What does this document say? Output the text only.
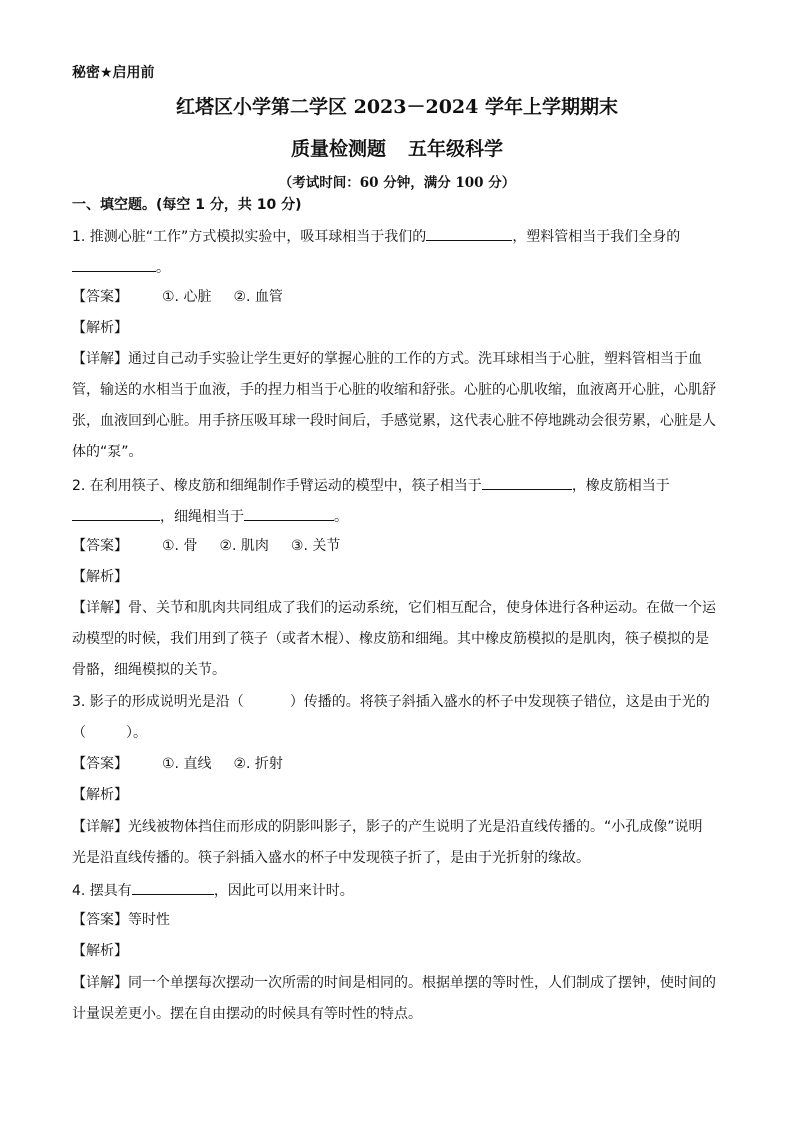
秘密★启用前
红塔区小学第二学区 2023－2024 学年上学期期末
质量检测题 五年级科学
（考试时间：60 分钟，满分 100 分）
一、填空题。(每空 1 分，共 10 分)
1. 推测心脏“工作”方式模拟实验中，吸耳球相当于我们的	，塑料管相当于我们全身的
。
【答案】 ①. 心脏 ②. 血管
【解析】
【详解】通过自己动手实验让学生更好的掌握心脏的工作的方式。洗耳球相当于心脏，塑料管相当于血
管，输送的水相当于血液，手的捏力相当于心脏的收缩和舒张。心脏的心肌收缩，血液离开心脏，心肌舒
张，血液回到心脏。用手挤压吸耳球一段时间后，手感觉累，这代表心脏不停地跳动会很劳累，心脏是人
体的“泵”。
2. 在利用筷子、橡皮筋和细绳制作手臂运动的模型中，筷子相当于	，橡皮筋相当于
，细绳相当于	。
【答案】 ①. 骨 ②. 肌肉 ③. 关节
【解析】
【详解】骨、关节和肌肉共同组成了我们的运动系统，它们相互配合，使身体进行各种运动。在做一个运
动模型的时候，我们用到了筷子（或者木棍）、橡皮筋和细绳。其中橡皮筋模拟的是肌肉，筷子模拟的是
骨骼，细绳模拟的关节。
3. 影子的形成说明光是沿（	）传播的。将筷子斜插入盛水的杯子中发现筷子错位，这是由于光的
（	）。
【答案】 ①. 直线 ②. 折射
【解析】
【详解】光线被物体挡住而形成的阴影叫影子，影子的产生说明了光是沿直线传播的。“小孔成像”说明
光是沿直线传播的。筷子斜插入盛水的杯子中发现筷子折了，是由于光折射的缘故。
4. 摆具有	，因此可以用来计时。
【答案】等时性
【解析】
【详解】同一个单摆每次摆动一次所需的时间是相同的。根据单摆的等时性，人们制成了摆钟，使时间的
计量误差更小。摆在自由摆动的时候具有等时性的特点。
